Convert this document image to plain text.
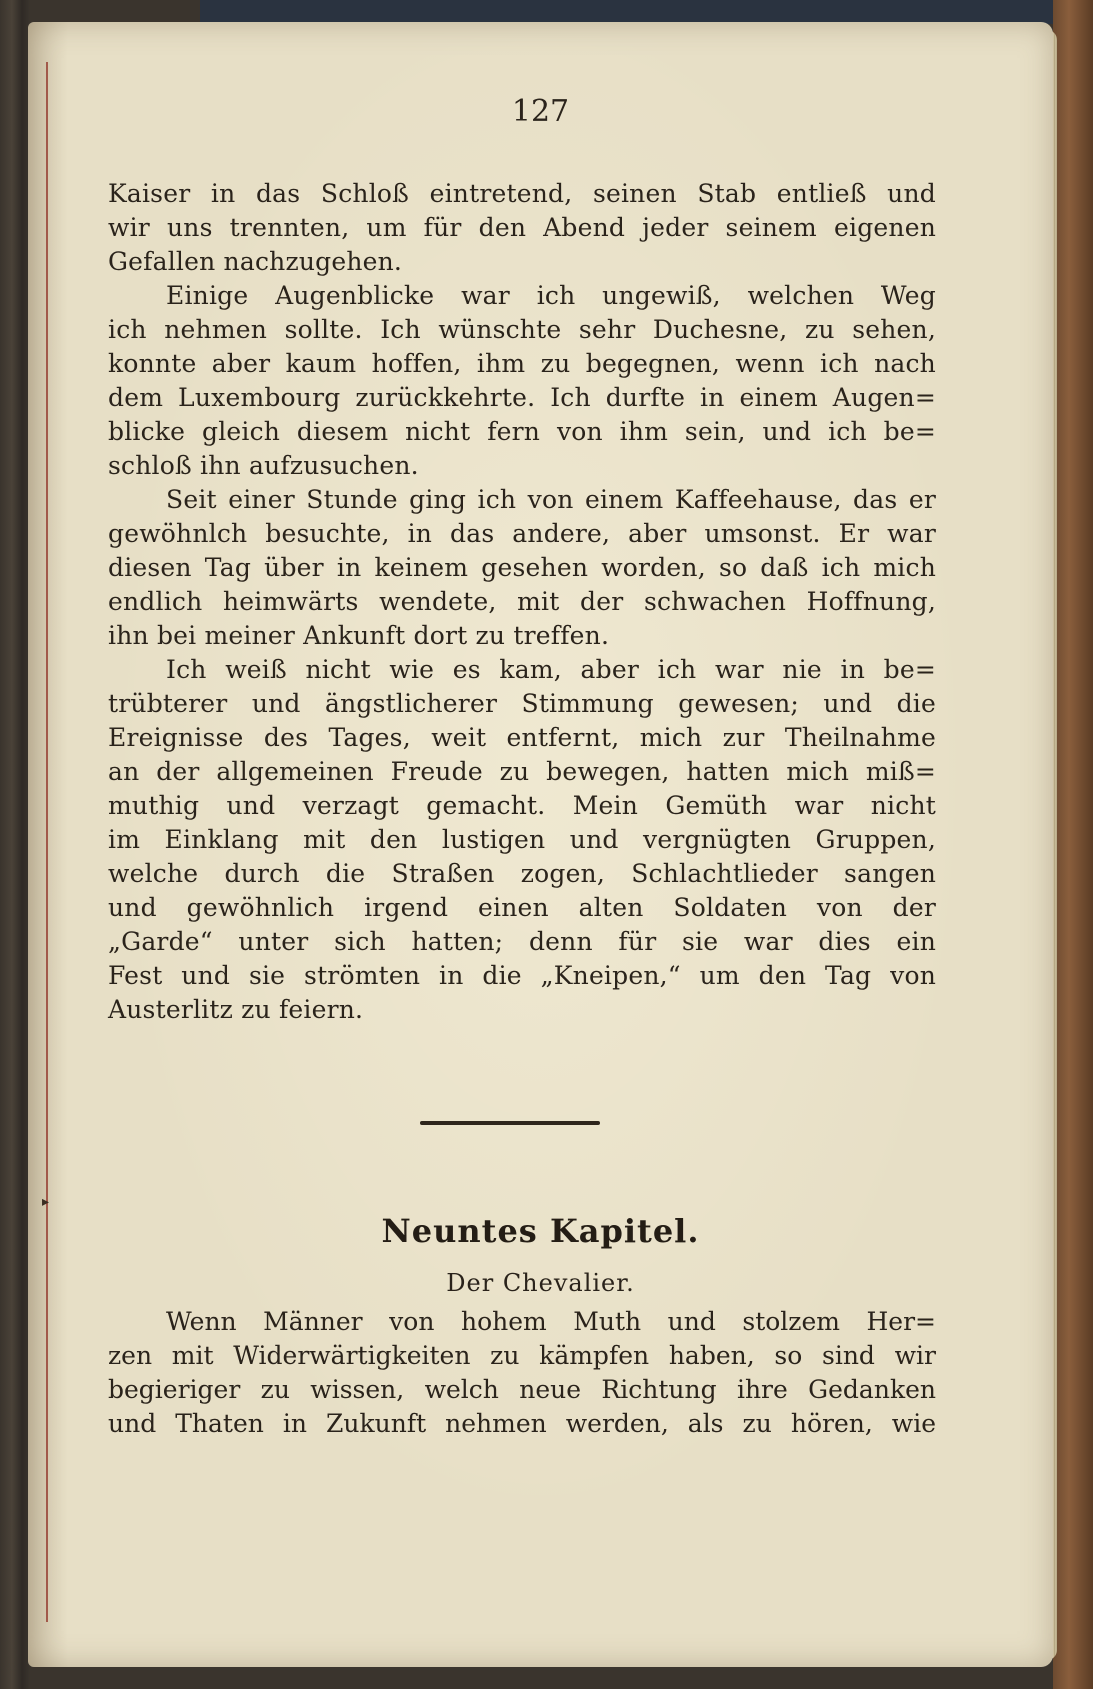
▸
127
Kaiser in das Schloß eintretend, seinen Stab entließ und
wir uns trennten, um für den Abend jeder seinem eigenen
Gefallen nachzugehen.
Einige Augenblicke war ich ungewiß, welchen Weg
ich nehmen sollte. Ich wünschte sehr Duchesne, zu sehen,
konnte aber kaum hoffen, ihm zu begegnen, wenn ich nach
dem Luxembourg zurückkehrte. Ich durfte in einem Augen=
blicke gleich diesem nicht fern von ihm sein, und ich be=
schloß ihn aufzusuchen.
Seit einer Stunde ging ich von einem Kaffeehause, das er
gewöhnlch besuchte, in das andere, aber umsonst. Er war
diesen Tag über in keinem gesehen worden, so daß ich mich
endlich heimwärts wendete, mit der schwachen Hoffnung,
ihn bei meiner Ankunft dort zu treffen.
Ich weiß nicht wie es kam, aber ich war nie in be=
trübterer und ängstlicherer Stimmung gewesen; und die
Ereignisse des Tages, weit entfernt, mich zur Theilnahme
an der allgemeinen Freude zu bewegen, hatten mich miß=
muthig und verzagt gemacht. Mein Gemüth war nicht
im Einklang mit den lustigen und vergnügten Gruppen,
welche durch die Straßen zogen, Schlachtlieder sangen
und gewöhnlich irgend einen alten Soldaten von der
„Garde“ unter sich hatten; denn für sie war dies ein
Fest und sie strömten in die „Kneipen,“ um den Tag von
Austerlitz zu feiern.
Neuntes Kapitel.
Der Chevalier.
Wenn Männer von hohem Muth und stolzem Her=
zen mit Widerwärtigkeiten zu kämpfen haben, so sind wir
begieriger zu wissen, welch neue Richtung ihre Gedanken
und Thaten in Zukunft nehmen werden, als zu hören, wie
